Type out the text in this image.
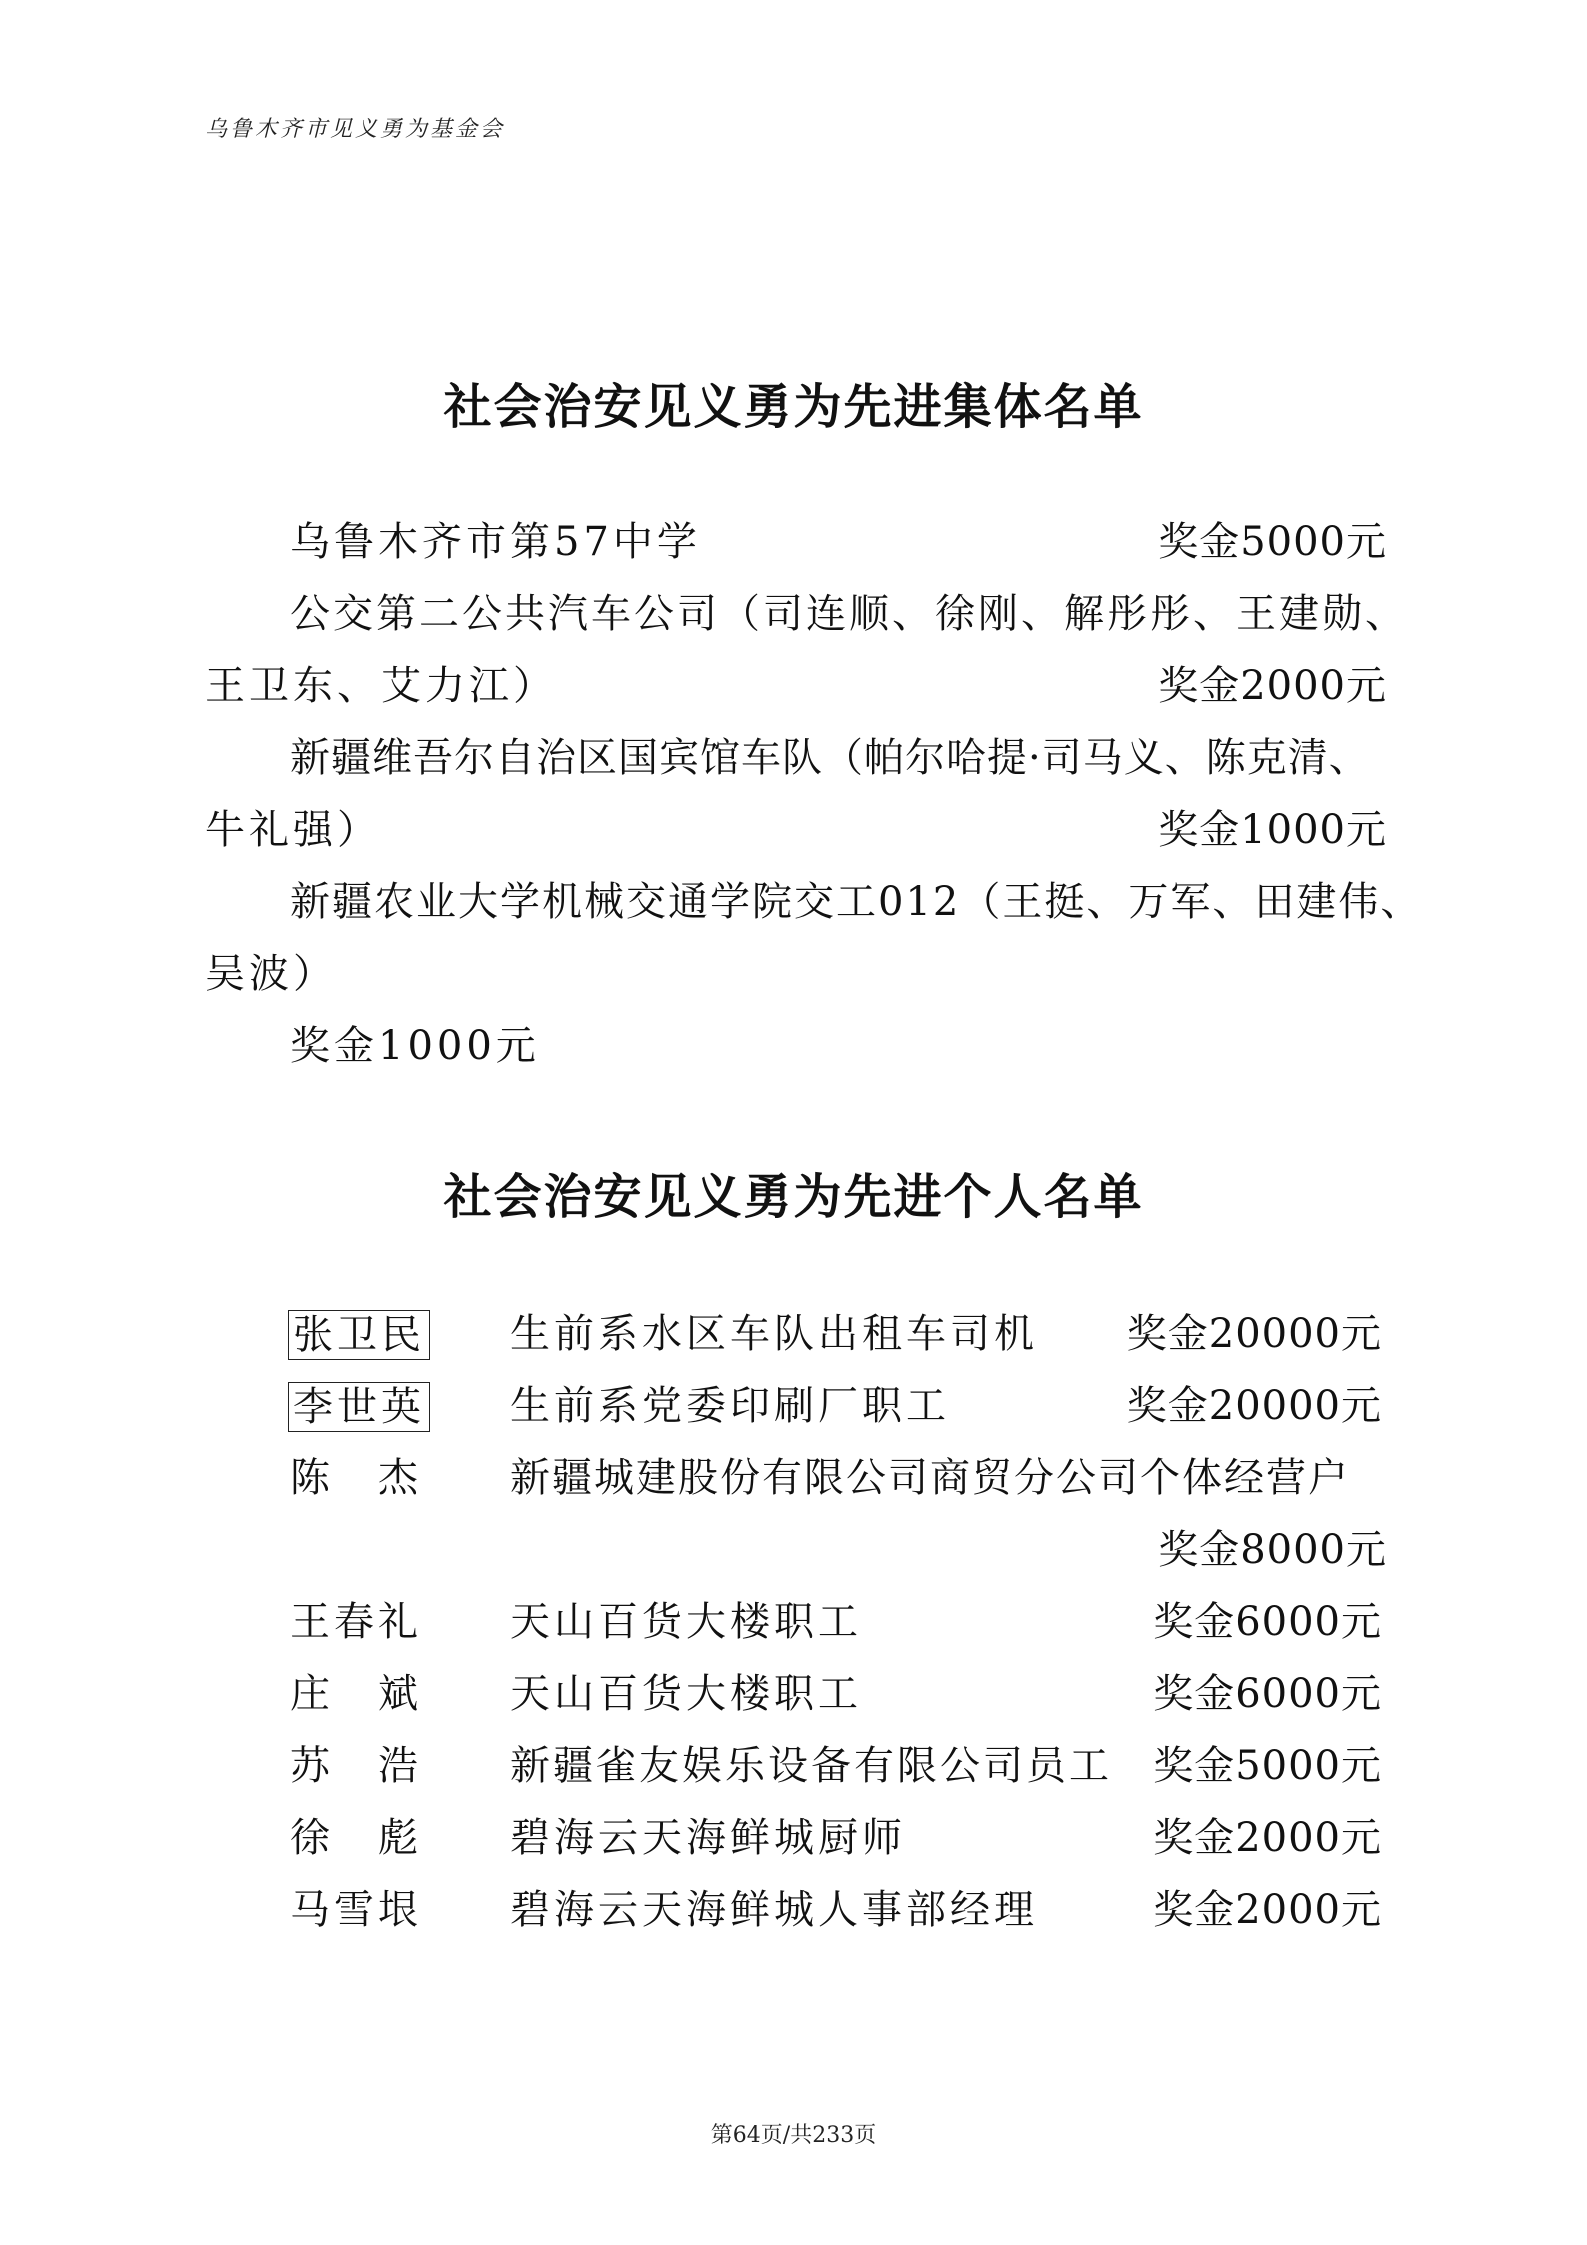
乌鲁木齐市见义勇为基金会
社会治安见义勇为先进集体名单
乌鲁木齐市第57中学	奖金5000元
公交第二公共汽车公司（司连顺、徐刚、解彤彤、王建勋、
王卫东、艾力江）	奖金2000元
新疆维吾尔自治区国宾馆车队（帕尔哈提·司马义、陈克清、
牛礼强）	奖金1000元
新疆农业大学机械交通学院交工012（王挺、万军、田建伟、
吴波）
奖金1000元
社会治安见义勇为先进个人名单
张卫民 生前系水区车队出租车司机 奖金20000元
李世英 生前系党委印刷厂职工	奖金20000元
陈　杰 新疆城建股份有限公司商贸分公司个体经营户
奖金8000元
王春礼 天山百货大楼职工	奖金6000元
庄　斌 天山百货大楼职工	奖金6000元
苏　浩 新疆雀友娱乐设备有限公司员工 奖金5000元
徐　彪 碧海云天海鲜城厨师	奖金2000元
马雪垠 碧海云天海鲜城人事部经理	奖金2000元
第64页/共233页
